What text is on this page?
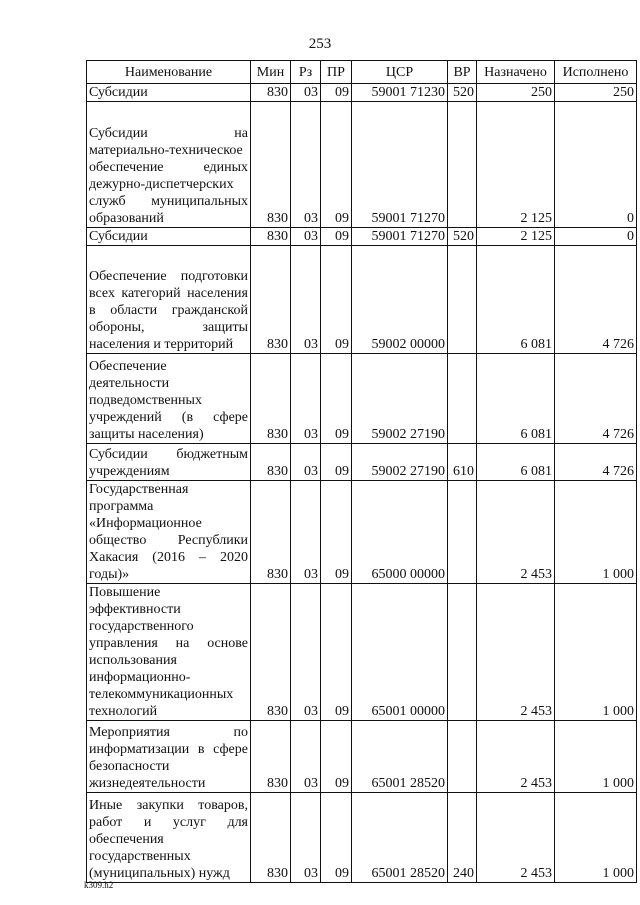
253
Наименование	Мин	Рз	ПР	ЦСР	ВР	Назначено	Исполнено
Субсидии	830	03	09	59001 71230	520	250	250
Субсидии на материально-техническое обеспечение единых дежурно-диспетчерских служб муниципальных образований	830	03	09	59001 71270		2 125	0
Субсидии	830	03	09	59001 71270	520	2 125	0
Обеспечение подготовки всех категорий населения в области гражданской обороны, защиты населения и территорий	830	03	09	59002 00000		6 081	4 726
Обеспечение деятельности подведомственных учреждений (в сфере защиты населения)	830	03	09	59002 27190		6 081	4 726
Субсидии бюджетным учреждениям	830	03	09	59002 27190	610	6 081	4 726
Государственная программа «Информационное общество Республики Хакасия (2016 – 2020 годы)»	830	03	09	65000 00000		2 453	1 000
Повышение эффективности государственного управления на основе использования информационно-телекоммуникационных технологий	830	03	09	65001 00000		2 453	1 000
Мероприятия по информатизации в сфере безопасности жизнедеятельности	830	03	09	65001 28520		2 453	1 000
Иные закупки товаров, работ и услуг для обеспечения государственных (муниципальных) нужд	830	03	09	65001 28520	240	2 453	1 000
k309.h2
